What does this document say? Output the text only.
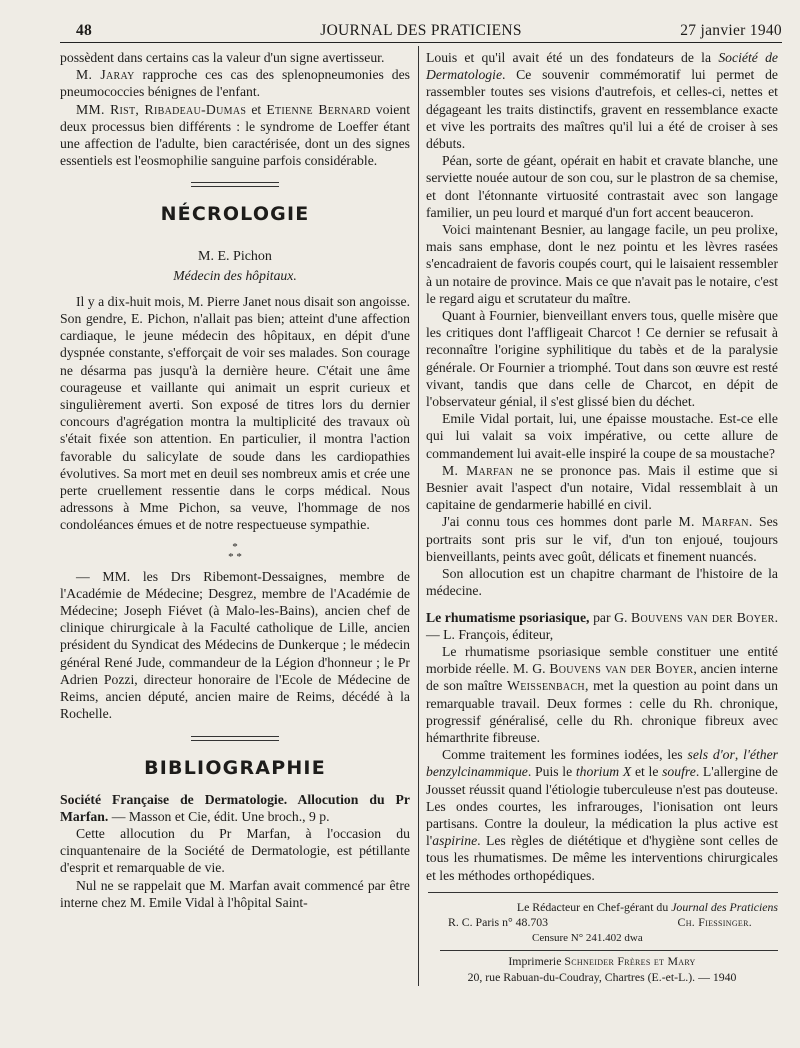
48	JOURNAL DES PRATICIENS	27 janvier 1940

possèdent dans certains cas la valeur d'un signe avertisseur.

M. Jaray rapproche ces cas des splenopneumonies des pneumococcies bénignes de l'enfant.

MM. Rist, Ribadeau-Dumas et Etienne Bernard voient deux processus bien différents : le syndrome de Loeffer étant une affection de l'adulte, bien caractérisée, dont un des signes essentiels est l'eosmophilie sanguine parfois considérable.

NÉCROLOGIE
M. E. Pichon
Médecin des hôpitaux.

Il y a dix-huit mois, M. Pierre Janet nous disait son angoisse. Son gendre, E. Pichon, n'allait pas bien; atteint d'une affection cardiaque, le jeune médecin des hôpitaux, en dépit d'une dyspnée constante, s'efforçait de voir ses malades. Son courage ne désarma pas jusqu'à la dernière heure. C'était une âme courageuse et vaillante qui animait un esprit curieux et singulièrement averti. Son exposé de titres lors du dernier concours d'agrégation montra la multiplicité des travaux où s'était fixée son attention. En particulier, il montra l'action favorable du salicylate de soude dans les cardiopathies évolutives. Sa mort met en deuil ses nombreux amis et crée une perte cruellement ressentie dans le corps médical. Nous adressons à Mme Pichon, sa veuve, l'hommage de nos condoléances émues et de notre respectueuse sympathie.

*
* *

— MM. les Drs Ribemont-Dessaignes, membre de l'Académie de Médecine; Desgrez, membre de l'Académie de Médecine; Joseph Fiévet (à Malo-les-Bains), ancien chef de clinique chirurgicale à la Faculté catholique de Lille, ancien président du Syndicat des Médecins de Dunkerque ; le médecin général René Jude, commandeur de la Légion d'honneur ; le Pr Adrien Pozzi, directeur honoraire de l'Ecole de Médecine de Reims, ancien député, ancien maire de Reims, décédé à la Rochelle.

BIBLIOGRAPHIE

Société Française de Dermatologie. Allocution du Pr Marfan. — Masson et Cie, édit. Une broch., 9 p.

Cette allocution du Pr Marfan, à l'occasion du cinquantenaire de la Société de Dermatologie, est pétillante d'esprit et remarquable de vie.

Nul ne se rappelait que M. Marfan avait commencé par être interne chez M. Emile Vidal à l'hôpital Saint-

Louis et qu'il avait été un des fondateurs de la Société de Dermatologie. Ce souvenir commémoratif lui permet de rassembler toutes ses visions d'autrefois, et celles-ci, nettes et dégageant les traits distinctifs, gravent en ressemblance exacte et vive les portraits des maîtres qu'il lui a été de croiser à ses débuts.

Péan, sorte de géant, opérait en habit et cravate blanche, une serviette nouée autour de son cou, sur le plastron de sa chemise, et dont l'étonnante virtuosité contrastait avec son langage familier, un peu lourd et marqué d'un fort accent beauceron.

Voici maintenant Besnier, au langage facile, un peu prolixe, mais sans emphase, dont le nez pointu et les lèvres rasées s'encadraient de favoris coupés court, qui le laisaient ressembler à un notaire de province. Mais ce que n'avait pas le notaire, c'est le regard aigu et scrutateur du maître.

Quant à Fournier, bienveillant envers tous, quelle misère que les critiques dont l'affligeait Charcot ! Ce dernier se refusait à reconnaître l'origine syphilitique du tabès et de la paralysie générale. Or Fournier a triomphé. Tout dans son œuvre est resté vivant, tandis que dans celle de Charcot, en dépit de l'observateur génial, il s'est glissé bien du déchet.

Emile Vidal portait, lui, une épaisse moustache. Est-ce elle qui lui valait sa voix impérative, ou cette allure de commandement lui avait-elle inspiré la coupe de sa moustache?

M. Marfan ne se prononce pas. Mais il estime que si Besnier avait l'aspect d'un notaire, Vidal ressemblait à un capitaine de gendarmerie habillé en civil.

J'ai connu tous ces hommes dont parle M. Marfan. Ses portraits sont pris sur le vif, d'un ton enjoué, toujours bienveillants, peints avec goût, délicats et finement nuancés.

Son allocution est un chapitre charmant de l'histoire de la médecine.

Le rhumatisme psoriasique, par G. Bouvens van der Boyer. — L. François, éditeur,

Le rhumatisme psoriasique semble constituer une entité morbide réelle. M. G. Bouvens van der Boyer, ancien interne de son maître Weissenbach, met la question au point dans un remarquable travail. Deux formes : celle du Rh. chronique, progressif généralisé, celle du Rh. chronique fibreux avec hémarthrite fibreuse.

Comme traitement les formines iodées, les sels d'or, l'éther benzylcinammique. Puis le thorium X et le soufre. L'allergine de Jousset réussit quand l'étiologie tuberculeuse n'est pas douteuse. Les ondes courtes, les infrarouges, l'ionisation ont leurs partisans. Contre la douleur, la médication la plus active est l'aspirine. Les règles de diététique et d'hygiène sont celles de tous les rhumatismes. De même les interventions chirurgicales et les méthodes orthopédiques.

Le Rédacteur en Chef-gérant du Journal des Praticiens
R. C. Paris n° 48.703	Ch. Fiessinger.
Censure N° 241.402 dwa
Imprimerie Schneider Frères et Mary
20, rue Rabuan-du-Coudray, Chartres (E.-et-L.). — 1940
